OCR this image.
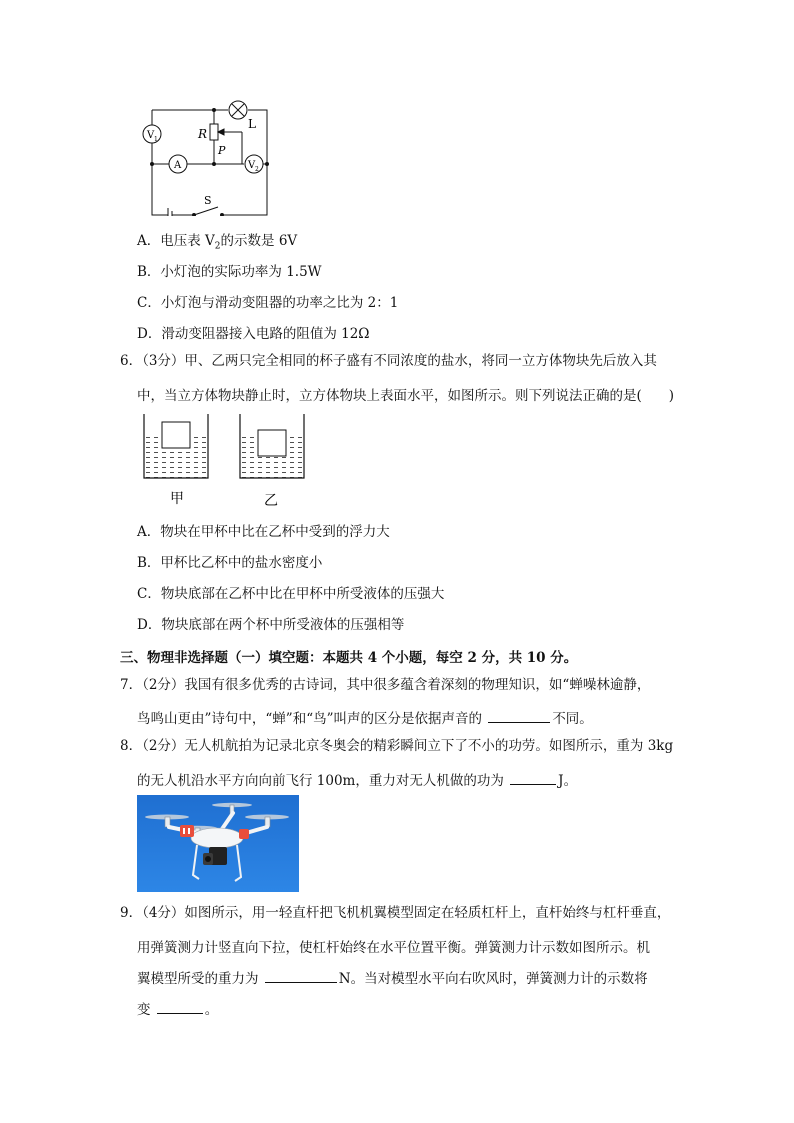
V 1
A	V 2
R
P
L
S
A．电压表 $V_2$的示数是 6V
B．小灯泡的实际功率为 1.5W
C．小灯泡与滑动变阻器的功率之比为 2：1
D．滑动变阻器接入电路的阻值为 12Ω
6．（3分）甲、乙两只完全相同的杯子盛有不同浓度的盐水，将同一立方体物块先后放入其
中，当立方体物块静止时，立方体物块上表面水平，如图所示。则下列说法正确的是(　　)
甲	乙
A．物块在甲杯中比在乙杯中受到的浮力大
B．甲杯比乙杯中的盐水密度小
C．物块底部在乙杯中比在甲杯中所受液体的压强大
D．物块底部在两个杯中所受液体的压强相等
三、物理非选择题（一）填空题：本题共 4 个小题，每空 2 分，共 10 分。
7．（2分）我国有很多优秀的古诗词，其中很多蕴含着深刻的物理知识，如“蝉噪林逾静，
鸟鸣山更由”诗句中，“蝉”和“鸟”叫声的区分是依据声音的	不同。
8．（2分）无人机航拍为记录北京冬奥会的精彩瞬间立下了不小的功劳。如图所示，重为 3kg
的无人机沿水平方向向前飞行 100m，重力对无人机做的功为	J。
9．（4分）如图所示，用一轻直杆把飞机机翼模型固定在轻质杠杆上，直杆始终与杠杆垂直，
用弹簧测力计竖直向下拉，使杠杆始终在水平位置平衡。弹簧测力计示数如图所示。机
翼模型所受的重力为	N。当对模型水平向右吹风时，弹簧测力计的示数将
变	。
